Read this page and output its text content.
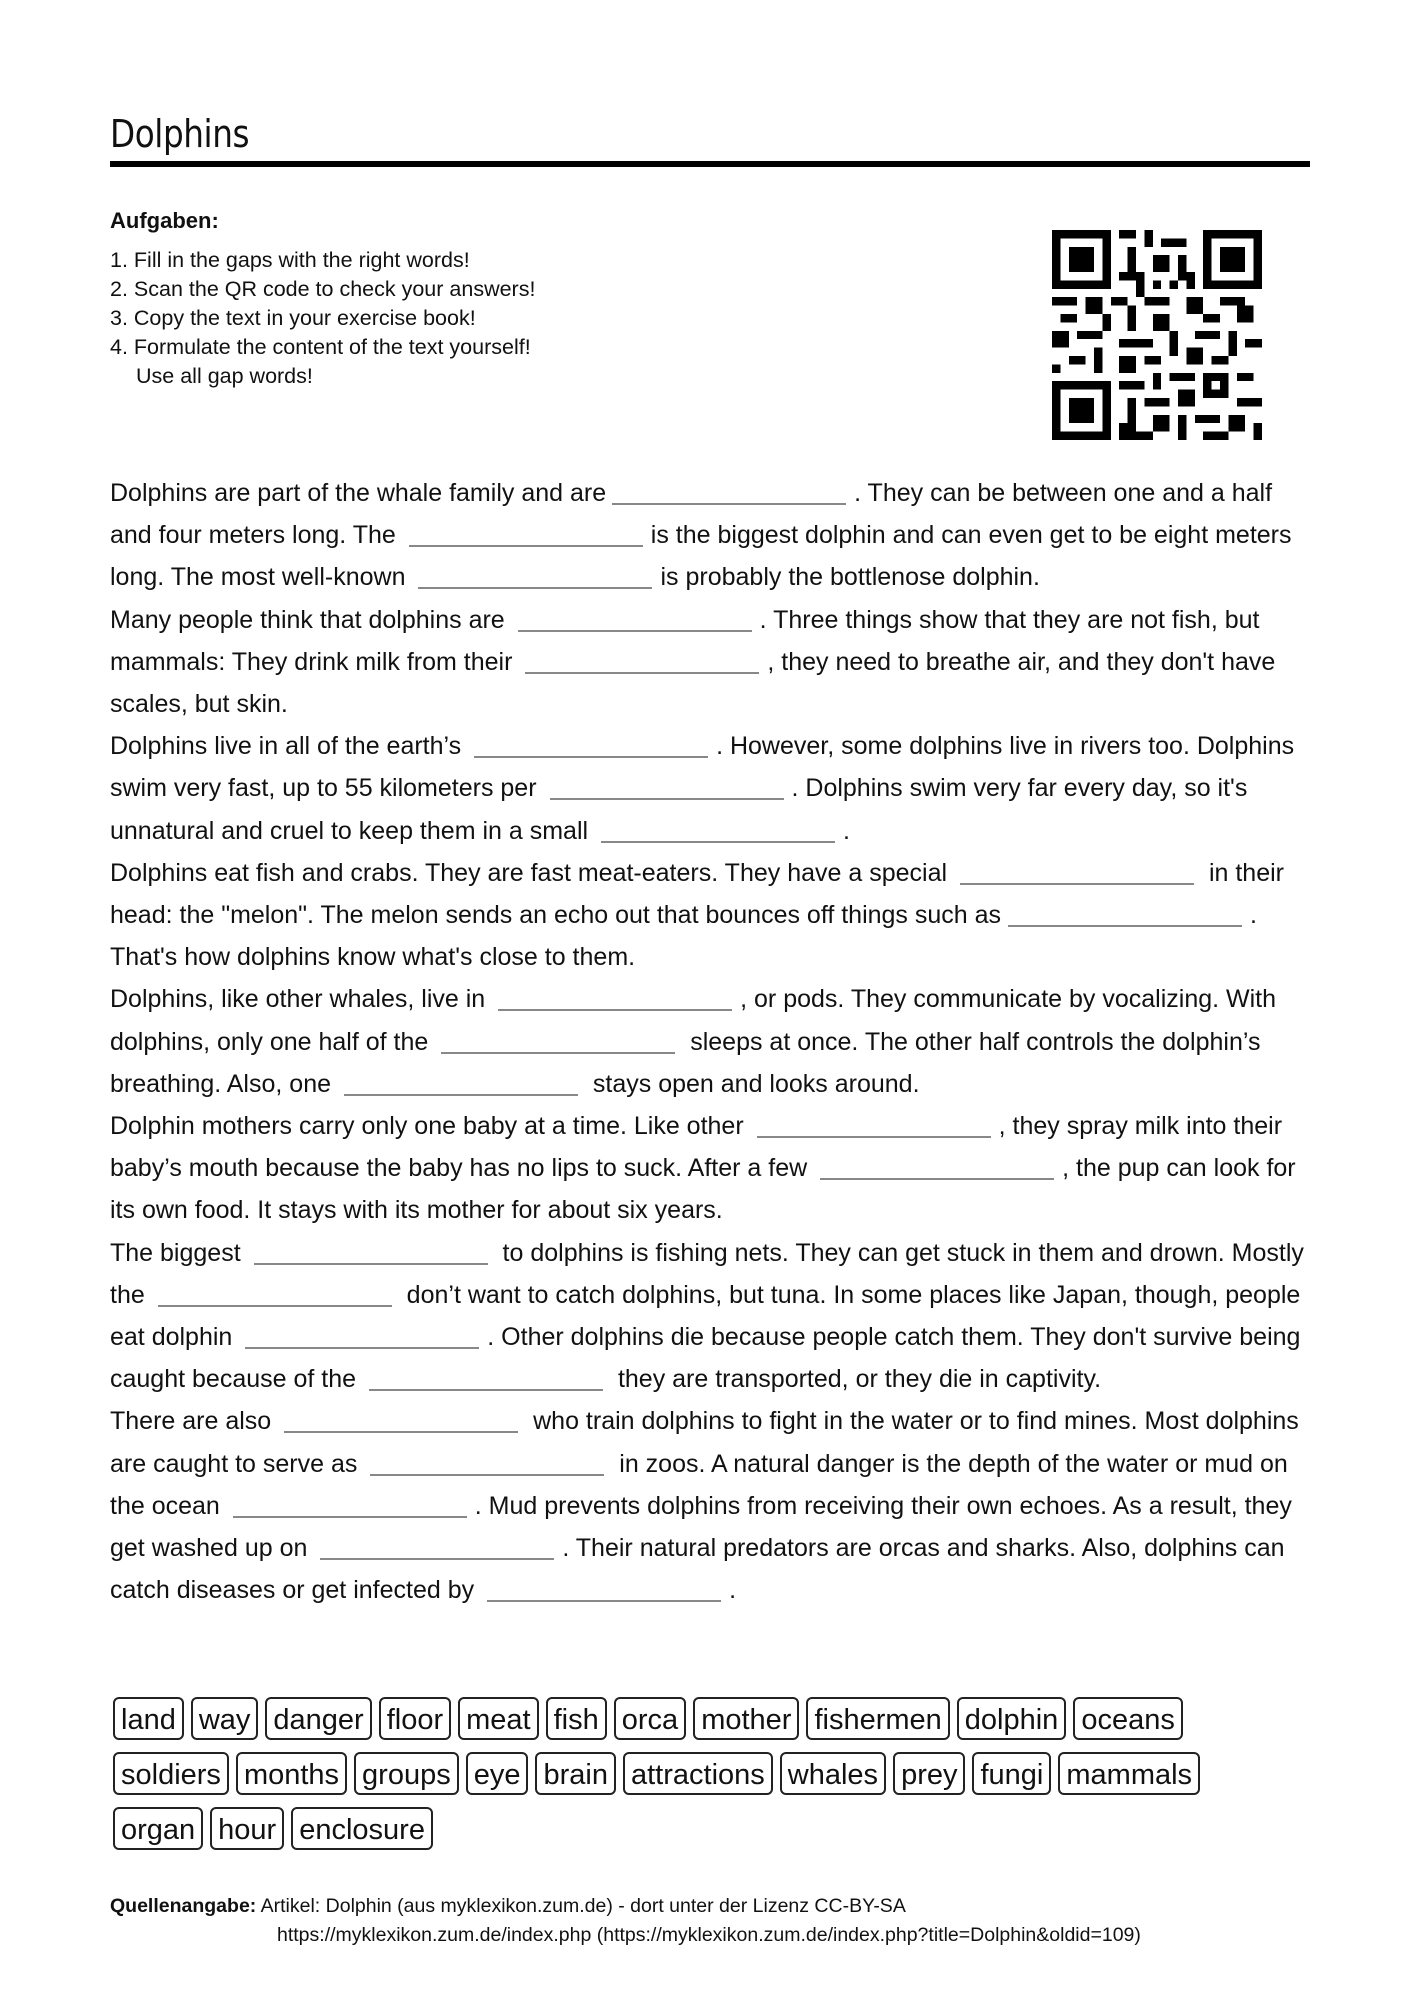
Dolphins
Aufgaben:
1. Fill in the gaps with the right words!
2. Scan the QR code to check your answers!
3. Copy the text in your exercise book!
4. Formulate the content of the text yourself!
Use all gap words!

Dolphins are part of the whale family and are	. They can be between one and a half and four meters long. The	is the biggest dolphin and can even get to be eight meters long. The most well-known	is probably the bottlenose dolphin.

Many people think that dolphins are	. Three things show that they are not fish, but mammals: They drink milk from their	, they need to breathe air, and they don't have scales, but skin.

Dolphins live in all of the earth’s	. However, some dolphins live in rivers too. Dolphins swim very fast, up to 55 kilometers per	. Dolphins swim very far every day, so it's unnatural and cruel to keep them in a small	.

Dolphins eat fish and crabs. They are fast meat-eaters. They have a special	in their head: the "melon". The melon sends an echo out that bounces off things such as	. That's how dolphins know what's close to them.

Dolphins, like other whales, live in	, or pods. They communicate by vocalizing. With dolphins, only one half of the	sleeps at once. The other half controls the dolphin’s breathing. Also, one	stays open and looks around.

Dolphin mothers carry only one baby at a time. Like other	, they spray milk into their baby’s mouth because the baby has no lips to suck. After a few	, the pup can look for its own food. It stays with its mother for about six years.

The biggest	to dolphins is fishing nets. They can get stuck in them and drown. Mostly the	don’t want to catch dolphins, but tuna. In some places like Japan, though, people eat dolphin	. Other dolphins die because people catch them. They don't survive being caught because of the	they are transported, or they die in captivity.

There are also	who train dolphins to fight in the water or to find mines. Most dolphins are caught to serve as	in zoos. A natural danger is the depth of the water or mud on the ocean	. Mud prevents dolphins from receiving their own echoes. As a result, they get washed up on	. Their natural predators are orcas and sharks. Also, dolphins can catch diseases or get infected by	.

land way danger floor meat fish orca mother fishermen dolphin oceans
soldiers months groups eye brain attractions whales prey fungi mammals
organ hour enclosure
Quellenangabe: Artikel: Dolphin (aus myklexikon.zum.de) - dort unter der Lizenz CC-BY-SA
https://myklexikon.zum.de/index.php (https://myklexikon.zum.de/index.php?title=Dolphin&oldid=109)
